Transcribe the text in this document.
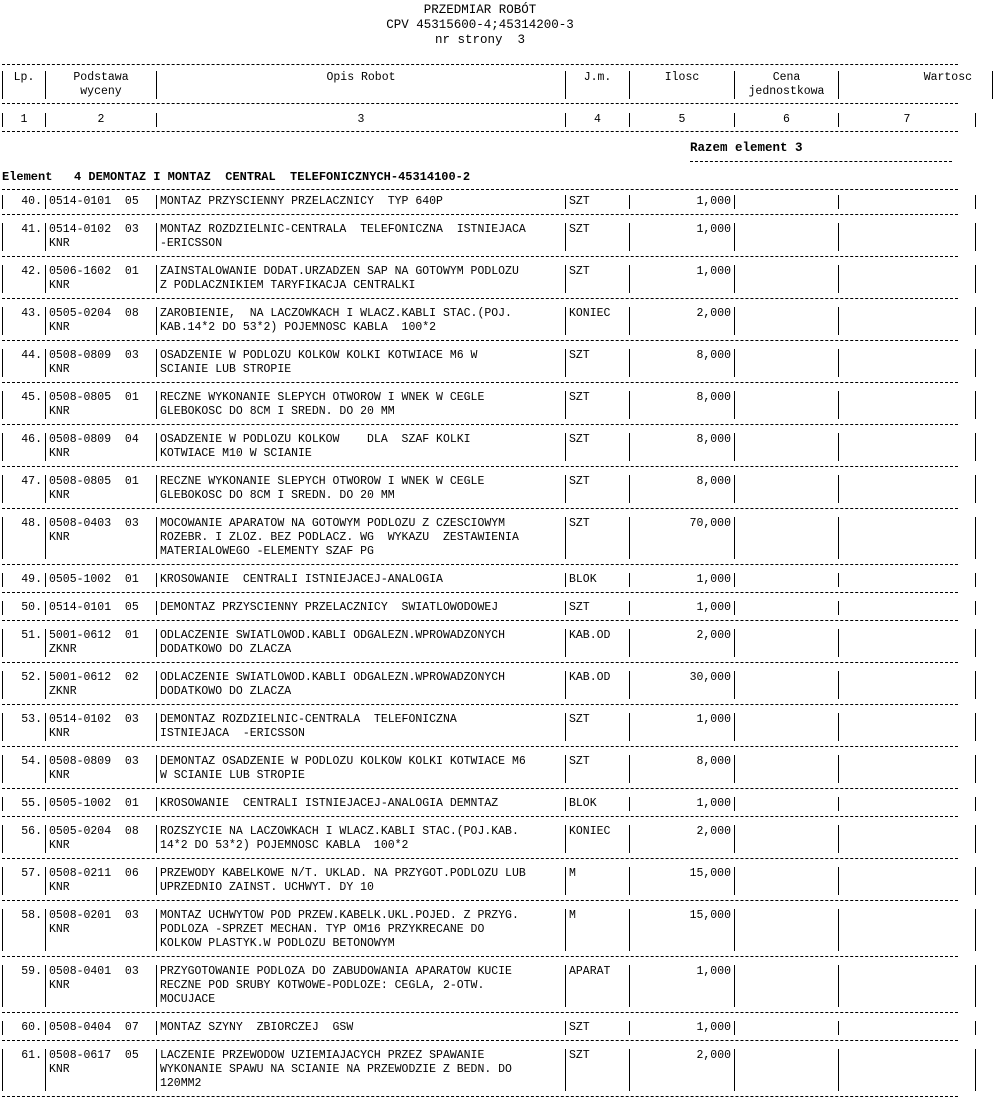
PRZEDMIAR ROBÓT
CPV 45315600-4;45314200-3
nr strony  3
Lp.	Podstawa	Opis Robot	J.m.	Ilosc	Cena	Wartosc
	wyceny				jednostkowa	
1	2	3	4	5	6	7
Razem element 3
Element   4 DEMONTAZ I MONTAZ  CENTRAL  TELEFONICZNYCH-45314100-2
40.	0514-0101  05	MONTAZ PRZYSCIENNY PRZELACZNICY  TYP 640P	SZT	1,000		
41.	0514-0102  03	MONTAZ ROZDZIELNIC-CENTRALA  TELEFONICZNA  ISTNIEJACA	SZT	1,000		
	KNR	-ERICSSON				
42.	0506-1602  01	ZAINSTALOWANIE DODAT.URZADZEN SAP NA GOTOWYM PODLOZU	SZT	1,000		
	KNR	Z PODLACZNIKIEM TARYFIKACJA CENTRALKI				
43.	0505-0204  08	ZAROBIENIE,  NA LACZOWKACH I WLACZ.KABLI STAC.(POJ.	KONIEC	2,000		
	KNR	KAB.14*2 DO 53*2) POJEMNOSC KABLA  100*2				
44.	0508-0809  03	OSADZENIE W PODLOZU KOLKOW KOLKI KOTWIACE M6 W	SZT	8,000		
	KNR	SCIANIE LUB STROPIE				
45.	0508-0805  01	RECZNE WYKONANIE SLEPYCH OTWOROW I WNEK W CEGLE	SZT	8,000		
	KNR	GLEBOKOSC DO 8CM I SREDN. DO 20 MM				
46.	0508-0809  04	OSADZENIE W PODLOZU KOLKOW    DLA  SZAF KOLKI	SZT	8,000		
	KNR	KOTWIACE M10 W SCIANIE				
47.	0508-0805  01	RECZNE WYKONANIE SLEPYCH OTWOROW I WNEK W CEGLE	SZT	8,000		
	KNR	GLEBOKOSC DO 8CM I SREDN. DO 20 MM				
48.	0508-0403  03	MOCOWANIE APARATOW NA GOTOWYM PODLOZU Z CZESCIOWYM	SZT	70,000		
	KNR	ROZEBR. I ZLOZ. BEZ PODLACZ. WG  WYKAZU  ZESTAWIENIA				
		MATERIALOWEGO -ELEMENTY SZAF PG				
49.	0505-1002  01	KROSOWANIE  CENTRALI ISTNIEJACEJ-ANALOGIA	BLOK	1,000		
50.	0514-0101  05	DEMONTAZ PRZYSCIENNY PRZELACZNICY  SWIATLOWODOWEJ	SZT	1,000		
51.	5001-0612  01	ODLACZENIE SWIATLOWOD.KABLI ODGALEZN.WPROWADZONYCH	KAB.OD	2,000		
	ZKNR	DODATKOWO DO ZLACZA				
52.	5001-0612  02	ODLACZENIE SWIATLOWOD.KABLI ODGALEZN.WPROWADZONYCH	KAB.OD	30,000		
	ZKNR	DODATKOWO DO ZLACZA				
53.	0514-0102  03	DEMONTAZ ROZDZIELNIC-CENTRALA  TELEFONICZNA	SZT	1,000		
	KNR	ISTNIEJACA  -ERICSSON				
54.	0508-0809  03	DEMONTAZ OSADZENIE W PODLOZU KOLKOW KOLKI KOTWIACE M6	SZT	8,000		
	KNR	W SCIANIE LUB STROPIE				
55.	0505-1002  01	KROSOWANIE  CENTRALI ISTNIEJACEJ-ANALOGIA DEMNTAZ	BLOK	1,000		
56.	0505-0204  08	ROZSZYCIE NA LACZOWKACH I WLACZ.KABLI STAC.(POJ.KAB.	KONIEC	2,000		
	KNR	14*2 DO 53*2) POJEMNOSC KABLA  100*2				
57.	0508-0211  06	PRZEWODY KABELKOWE N/T. UKLAD. NA PRZYGOT.PODLOZU LUB	M	15,000		
	KNR	UPRZEDNIO ZAINST. UCHWYT. DY 10				
58.	0508-0201  03	MONTAZ UCHWYTOW POD PRZEW.KABELK.UKL.POJED. Z PRZYG.	M	15,000		
	KNR	PODLOZA -SPRZET MECHAN. TYP OM16 PRZYKRECANE DO				
		KOLKOW PLASTYK.W PODLOZU BETONOWYM				
59.	0508-0401  03	PRZYGOTOWANIE PODLOZA DO ZABUDOWANIA APARATOW KUCIE	APARAT	1,000		
	KNR	RECZNE POD SRUBY KOTWOWE-PODLOZE: CEGLA, 2-OTW.				
		MOCUJACE				
60.	0508-0404  07	MONTAZ SZYNY  ZBIORCZEJ  GSW	SZT	1,000		
61.	0508-0617  05	LACZENIE PRZEWODOW UZIEMIAJACYCH PRZEZ SPAWANIE	SZT	2,000		
	KNR	WYKONANIE SPAWU NA SCIANIE NA PRZEWODZIE Z BEDN. DO				
		120MM2				
